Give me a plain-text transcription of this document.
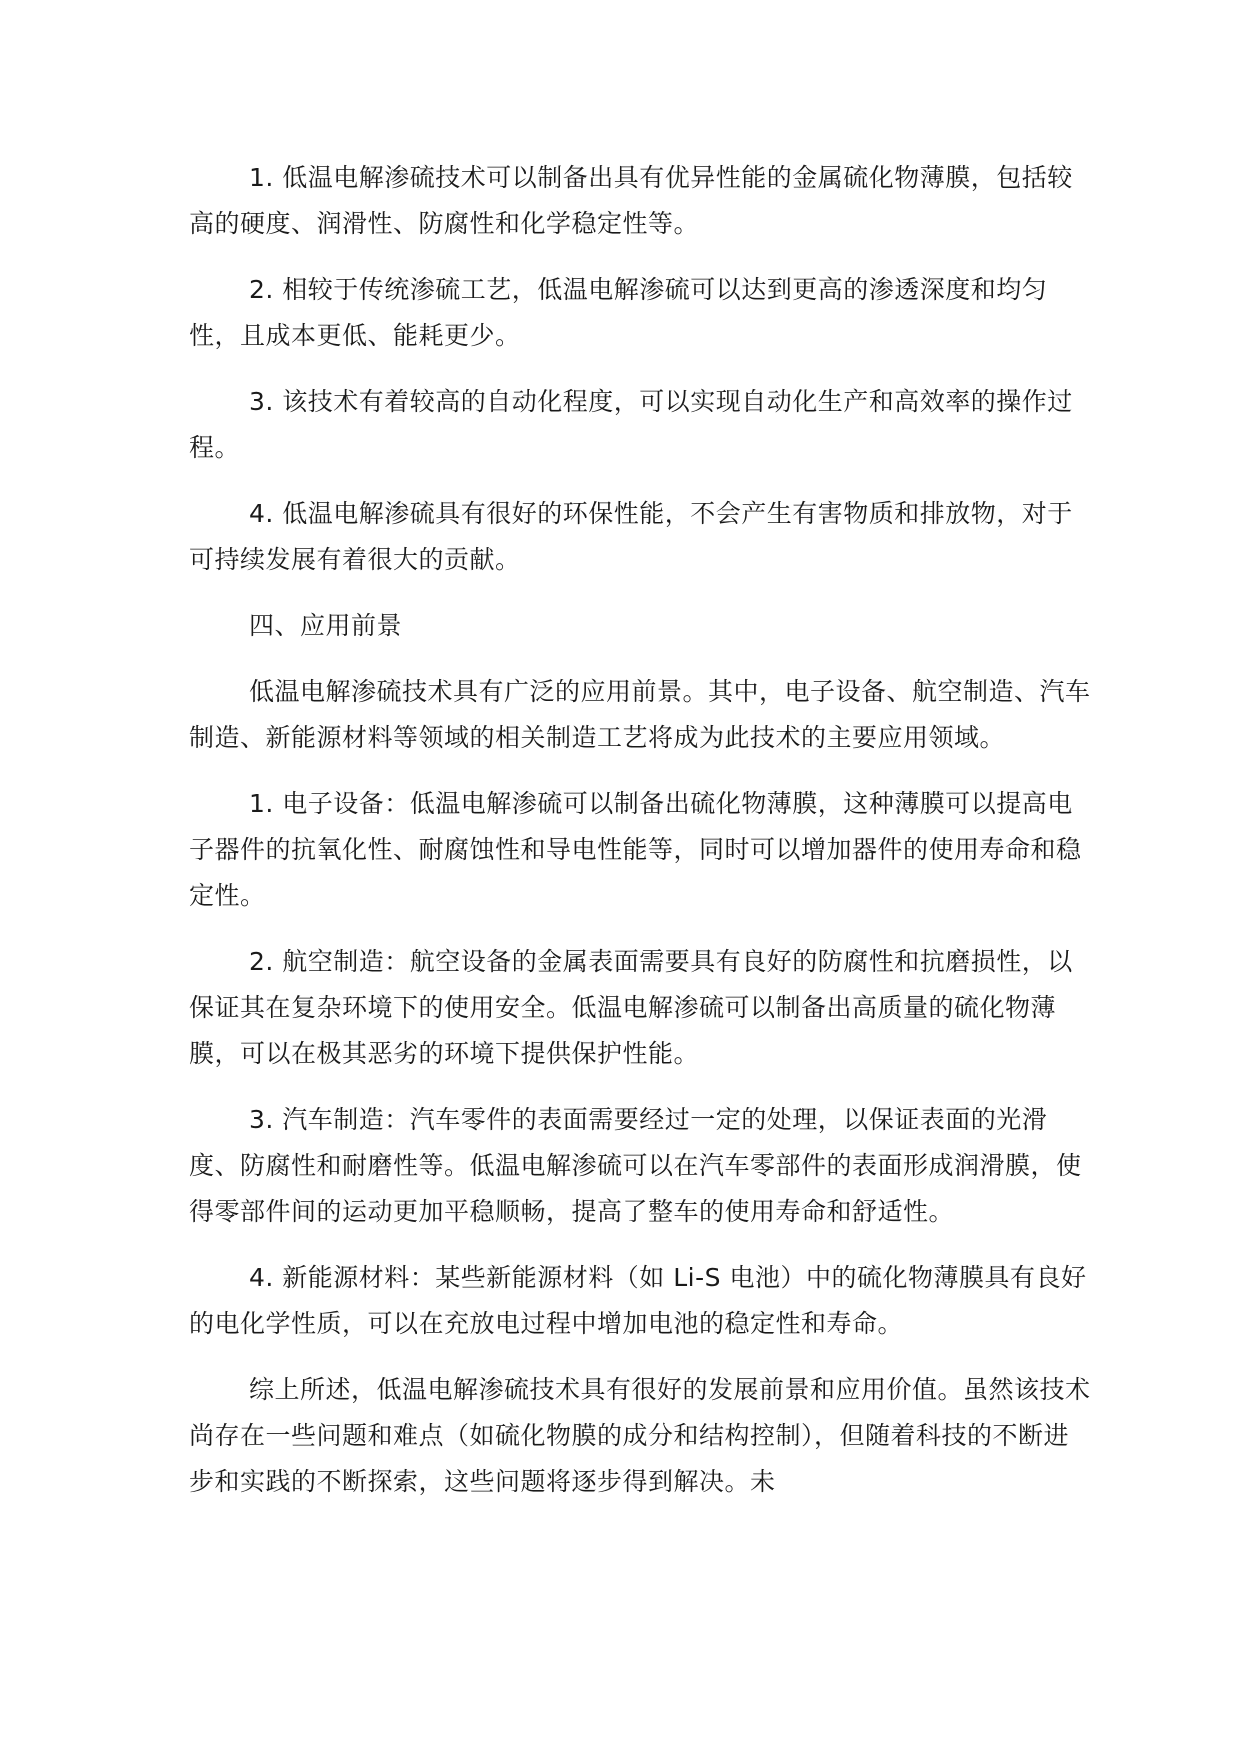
1. 低温电解渗硫技术可以制备出具有优异性能的金属硫化物薄膜，包括较高的硬度、润滑性、防腐性和化学稳定性等。

2. 相较于传统渗硫工艺，低温电解渗硫可以达到更高的渗透深度和均匀性，且成本更低、能耗更少。

3. 该技术有着较高的自动化程度，可以实现自动化生产和高效率的操作过程。

4. 低温电解渗硫具有很好的环保性能，不会产生有害物质和排放物，对于可持续发展有着很大的贡献。

四、应用前景

低温电解渗硫技术具有广泛的应用前景。其中，电子设备、航空制造、汽车制造、新能源材料等领域的相关制造工艺将成为此技术的主要应用领域。

1. 电子设备：低温电解渗硫可以制备出硫化物薄膜，这种薄膜可以提高电子器件的抗氧化性、耐腐蚀性和导电性能等，同时可以增加器件的使用寿命和稳定性。

2. 航空制造：航空设备的金属表面需要具有良好的防腐性和抗磨损性，以保证其在复杂环境下的使用安全。低温电解渗硫可以制备出高质量的硫化物薄膜，可以在极其恶劣的环境下提供保护性能。

3. 汽车制造：汽车零件的表面需要经过一定的处理，以保证表面的光滑度、防腐性和耐磨性等。低温电解渗硫可以在汽车零部件的表面形成润滑膜，使得零部件间的运动更加平稳顺畅，提高了整车的使用寿命和舒适性。

4. 新能源材料：某些新能源材料（如 Li-S 电池）中的硫化物薄膜具有良好的电化学性质，可以在充放电过程中增加电池的稳定性和寿命。

综上所述，低温电解渗硫技术具有很好的发展前景和应用价值。虽然该技术尚存在一些问题和难点（如硫化物膜的成分和结构控制），但随着科技的不断进步和实践的不断探索，这些问题将逐步得到解决。未
